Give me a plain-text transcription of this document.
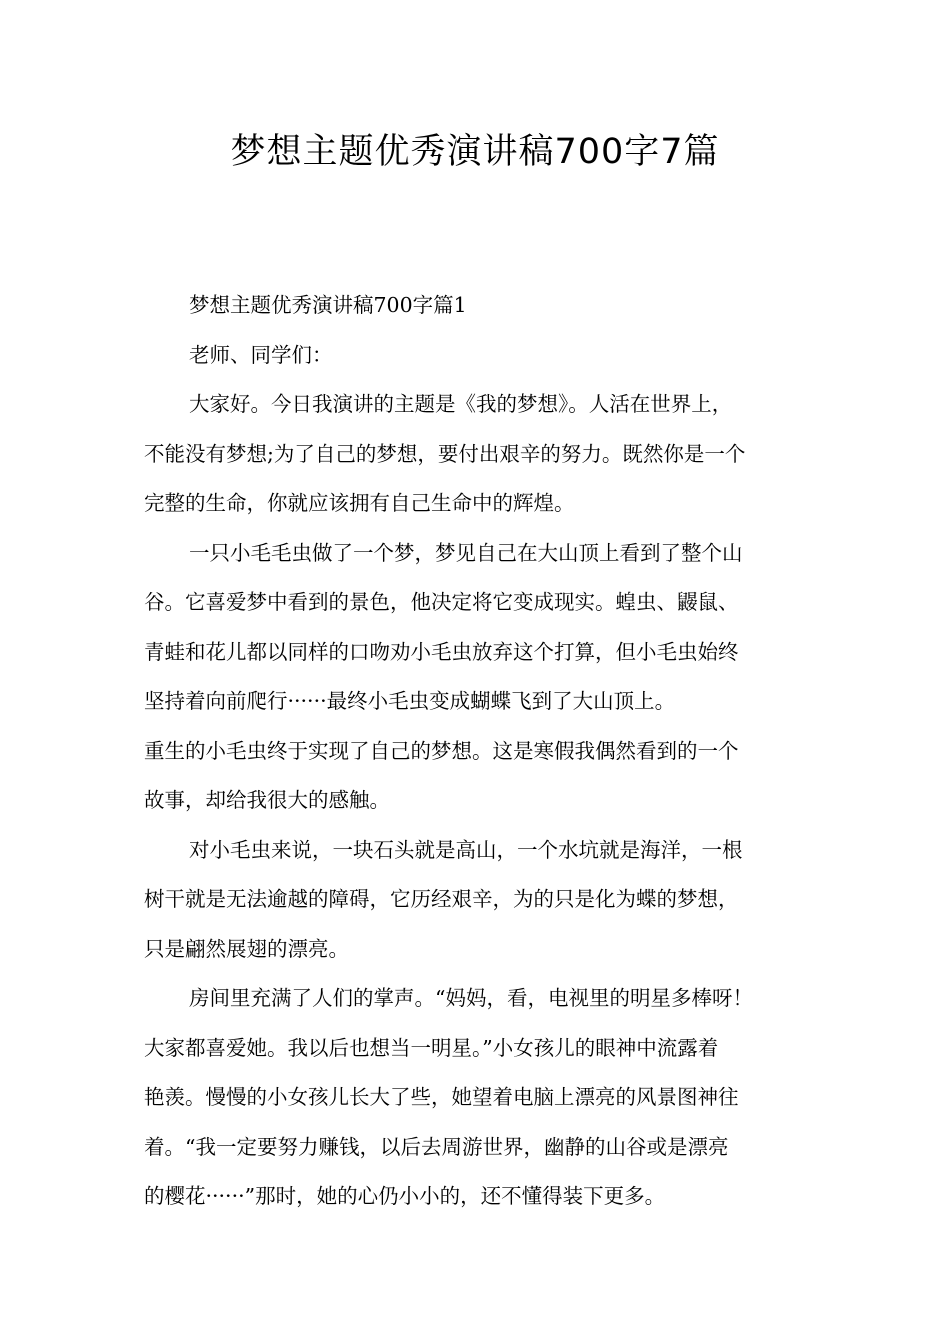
梦想主题优秀演讲稿700字7篇
梦想主题优秀演讲稿700字篇1
老师、同学们：
大家好。今日我演讲的主题是《我的梦想》。人活在世界上，
不能没有梦想;为了自己的梦想，要付出艰辛的努力。既然你是一个
完整的生命，你就应该拥有自己生命中的辉煌。
一只小毛毛虫做了一个梦，梦见自己在大山顶上看到了整个山
谷。它喜爱梦中看到的景色，他决定将它变成现实。蝗虫、鼹鼠、
青蛙和花儿都以同样的口吻劝小毛虫放弃这个打算，但小毛虫始终
坚持着向前爬行······最终小毛虫变成蝴蝶飞到了大山顶上。
重生的小毛虫终于实现了自己的梦想。这是寒假我偶然看到的一个
故事，却给我很大的感触。
对小毛虫来说，一块石头就是高山，一个水坑就是海洋，一根
树干就是无法逾越的障碍，它历经艰辛，为的只是化为蝶的梦想，
只是翩然展翅的漂亮。
房间里充满了人们的掌声。“妈妈，看，电视里的明星多棒呀！
大家都喜爱她。我以后也想当一明星。”小女孩儿的眼神中流露着
艳羡。慢慢的小女孩儿长大了些，她望着电脑上漂亮的风景图神往
着。“我一定要努力赚钱，以后去周游世界，幽静的山谷或是漂亮
的樱花······”那时，她的心仍小小的，还不懂得装下更多。
